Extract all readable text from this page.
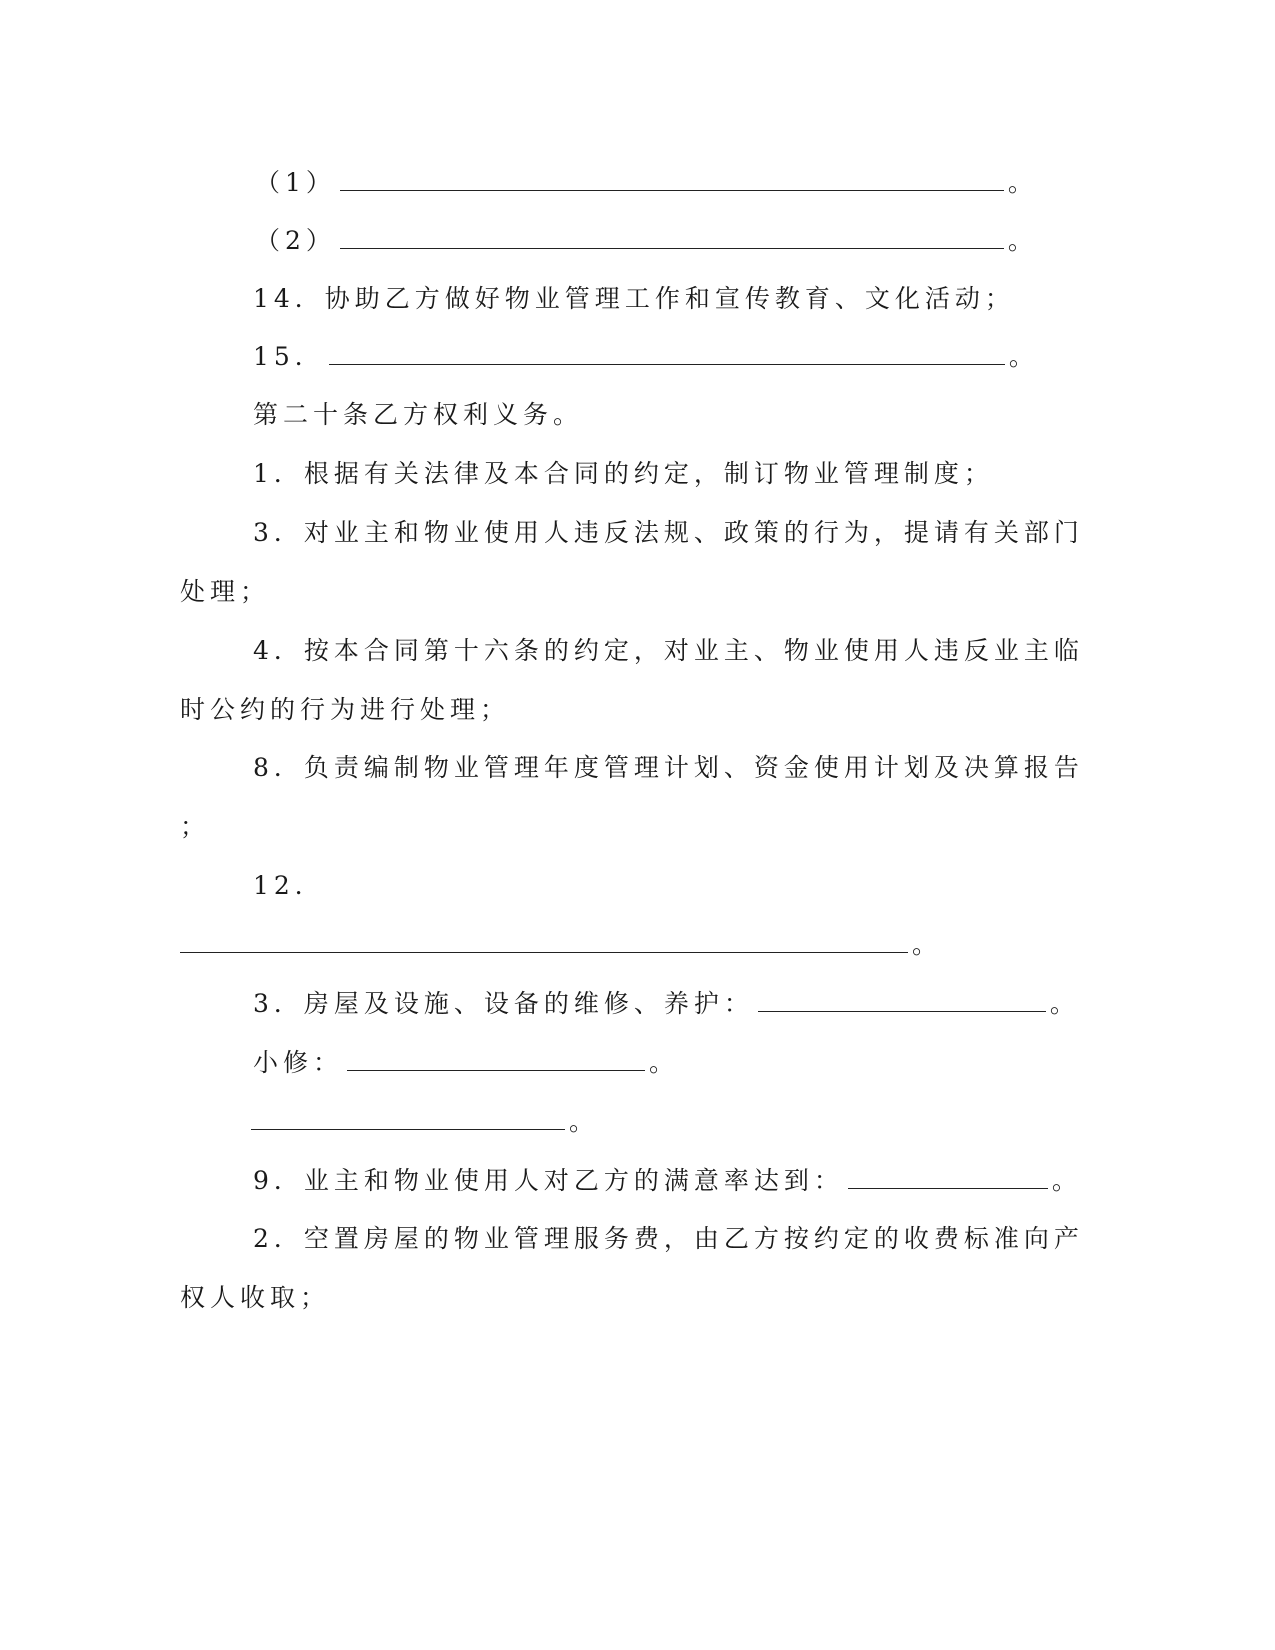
（1）	。
（2）	。
14．协助乙方做好物业管理工作和宣传教育、文化活动；
15．	。
第二十条乙方权利义务。
1．根据有关法律及本合同的约定，制订物业管理制度；
3．对业主和物业使用人违反法规、政策的行为，提请有关部门
处理；
4．按本合同第十六条的约定，对业主、物业使用人违反业主临
时公约的行为进行处理；
8．负责编制物业管理年度管理计划、资金使用计划及决算报告
；
12．
。
3．房屋及设施、设备的维修、养护：	。
小修：	。
。
9．业主和物业使用人对乙方的满意率达到：	。
2．空置房屋的物业管理服务费，由乙方按约定的收费标准向产
权人收取；
